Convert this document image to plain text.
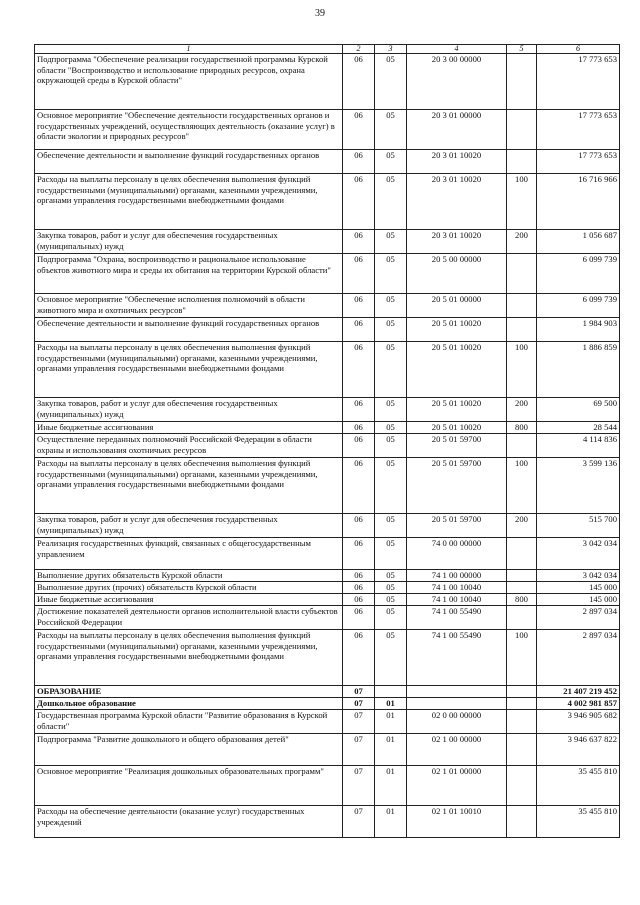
39
1	2	3	4	5	6
Подпрограмма "Обеспечение реализации государственной программы Курской области "Воспроизводство и использование природных ресурсов, охрана окружающей среды в Курской области"	06	05	20 3 00 00000		17 773 653
Основное мероприятие "Обеспечение деятельности государственных органов и государственных учреждений, осуществляющих деятельность (оказание услуг) в области экологии и природных ресурсов"	06	05	20 3 01 00000		17 773 653
Обеспечение деятельности и выполнение функций государственных органов	06	05	20 3 01 10020		17 773 653
Расходы на выплаты персоналу в целях обеспечения выполнения функций государственными (муниципальными) органами, казенными учреждениями, органами управления государственными внебюджетными фондами	06	05	20 3 01 10020	100	16 716 966
Закупка товаров, работ и услуг для обеспечения государственных (муниципальных) нужд	06	05	20 3 01 10020	200	1 056 687
Подпрограмма "Охрана, воспроизводство и рациональное использование объектов животного мира и среды их обитания на территории Курской области"	06	05	20 5 00 00000		6 099 739
Основное мероприятие "Обеспечение исполнения полномочий в области животного мира и охотничьих ресурсов"	06	05	20 5 01 00000		6 099 739
Обеспечение деятельности и выполнение функций государственных органов	06	05	20 5 01 10020		1 984 903
Расходы на выплаты персоналу в целях обеспечения выполнения функций государственными (муниципальными) органами, казенными учреждениями, органами управления государственными внебюджетными фондами	06	05	20 5 01 10020	100	1 886 859
Закупка товаров, работ и услуг для обеспечения государственных (муниципальных) нужд	06	05	20 5 01 10020	200	69 500
Иные бюджетные ассигнования	06	05	20 5 01 10020	800	28 544
Осуществление переданных полномочий Российской Федерации в области охраны и использования охотничьих ресурсов	06	05	20 5 01 59700		4 114 836
Расходы на выплаты персоналу в целях обеспечения выполнения функций государственными (муниципальными) органами, казенными учреждениями, органами управления государственными внебюджетными фондами	06	05	20 5 01 59700	100	3 599 136
Закупка товаров, работ и услуг для обеспечения государственных (муниципальных) нужд	06	05	20 5 01 59700	200	515 700
Реализация государственных функций, связанных с общегосударственным управлением	06	05	74 0 00 00000		3 042 034
Выполнение других обязательств Курской области	06	05	74 1 00 00000		3 042 034
Выполнение других (прочих) обязательств Курской области	06	05	74 1 00 10040		145 000
Иные бюджетные ассигнования	06	05	74 1 00 10040	800	145 000
Достижение показателей деятельности органов исполнительной власти субъектов Российской Федерации	06	05	74 1 00 55490		2 897 034
Расходы на выплаты персоналу в целях обеспечения выполнения функций государственными (муниципальными) органами, казенными учреждениями, органами управления государственными внебюджетными фондами	06	05	74 1 00 55490	100	2 897 034
ОБРАЗОВАНИЕ	07				21 407 219 452
Дошкольное образование	07	01			4 002 981 857
Государственная программа Курской области "Развитие образования в Курской области"	07	01	02 0 00 00000		3 946 905 682
Подпрограмма "Развитие дошкольного и общего образования детей"	07	01	02 1 00 00000		3 946 637 822
Основное мероприятие "Реализация дошкольных образовательных программ"	07	01	02 1 01 00000		35 455 810
Расходы на обеспечение деятельности (оказание услуг) государственных учреждений	07	01	02 1 01 10010		35 455 810
